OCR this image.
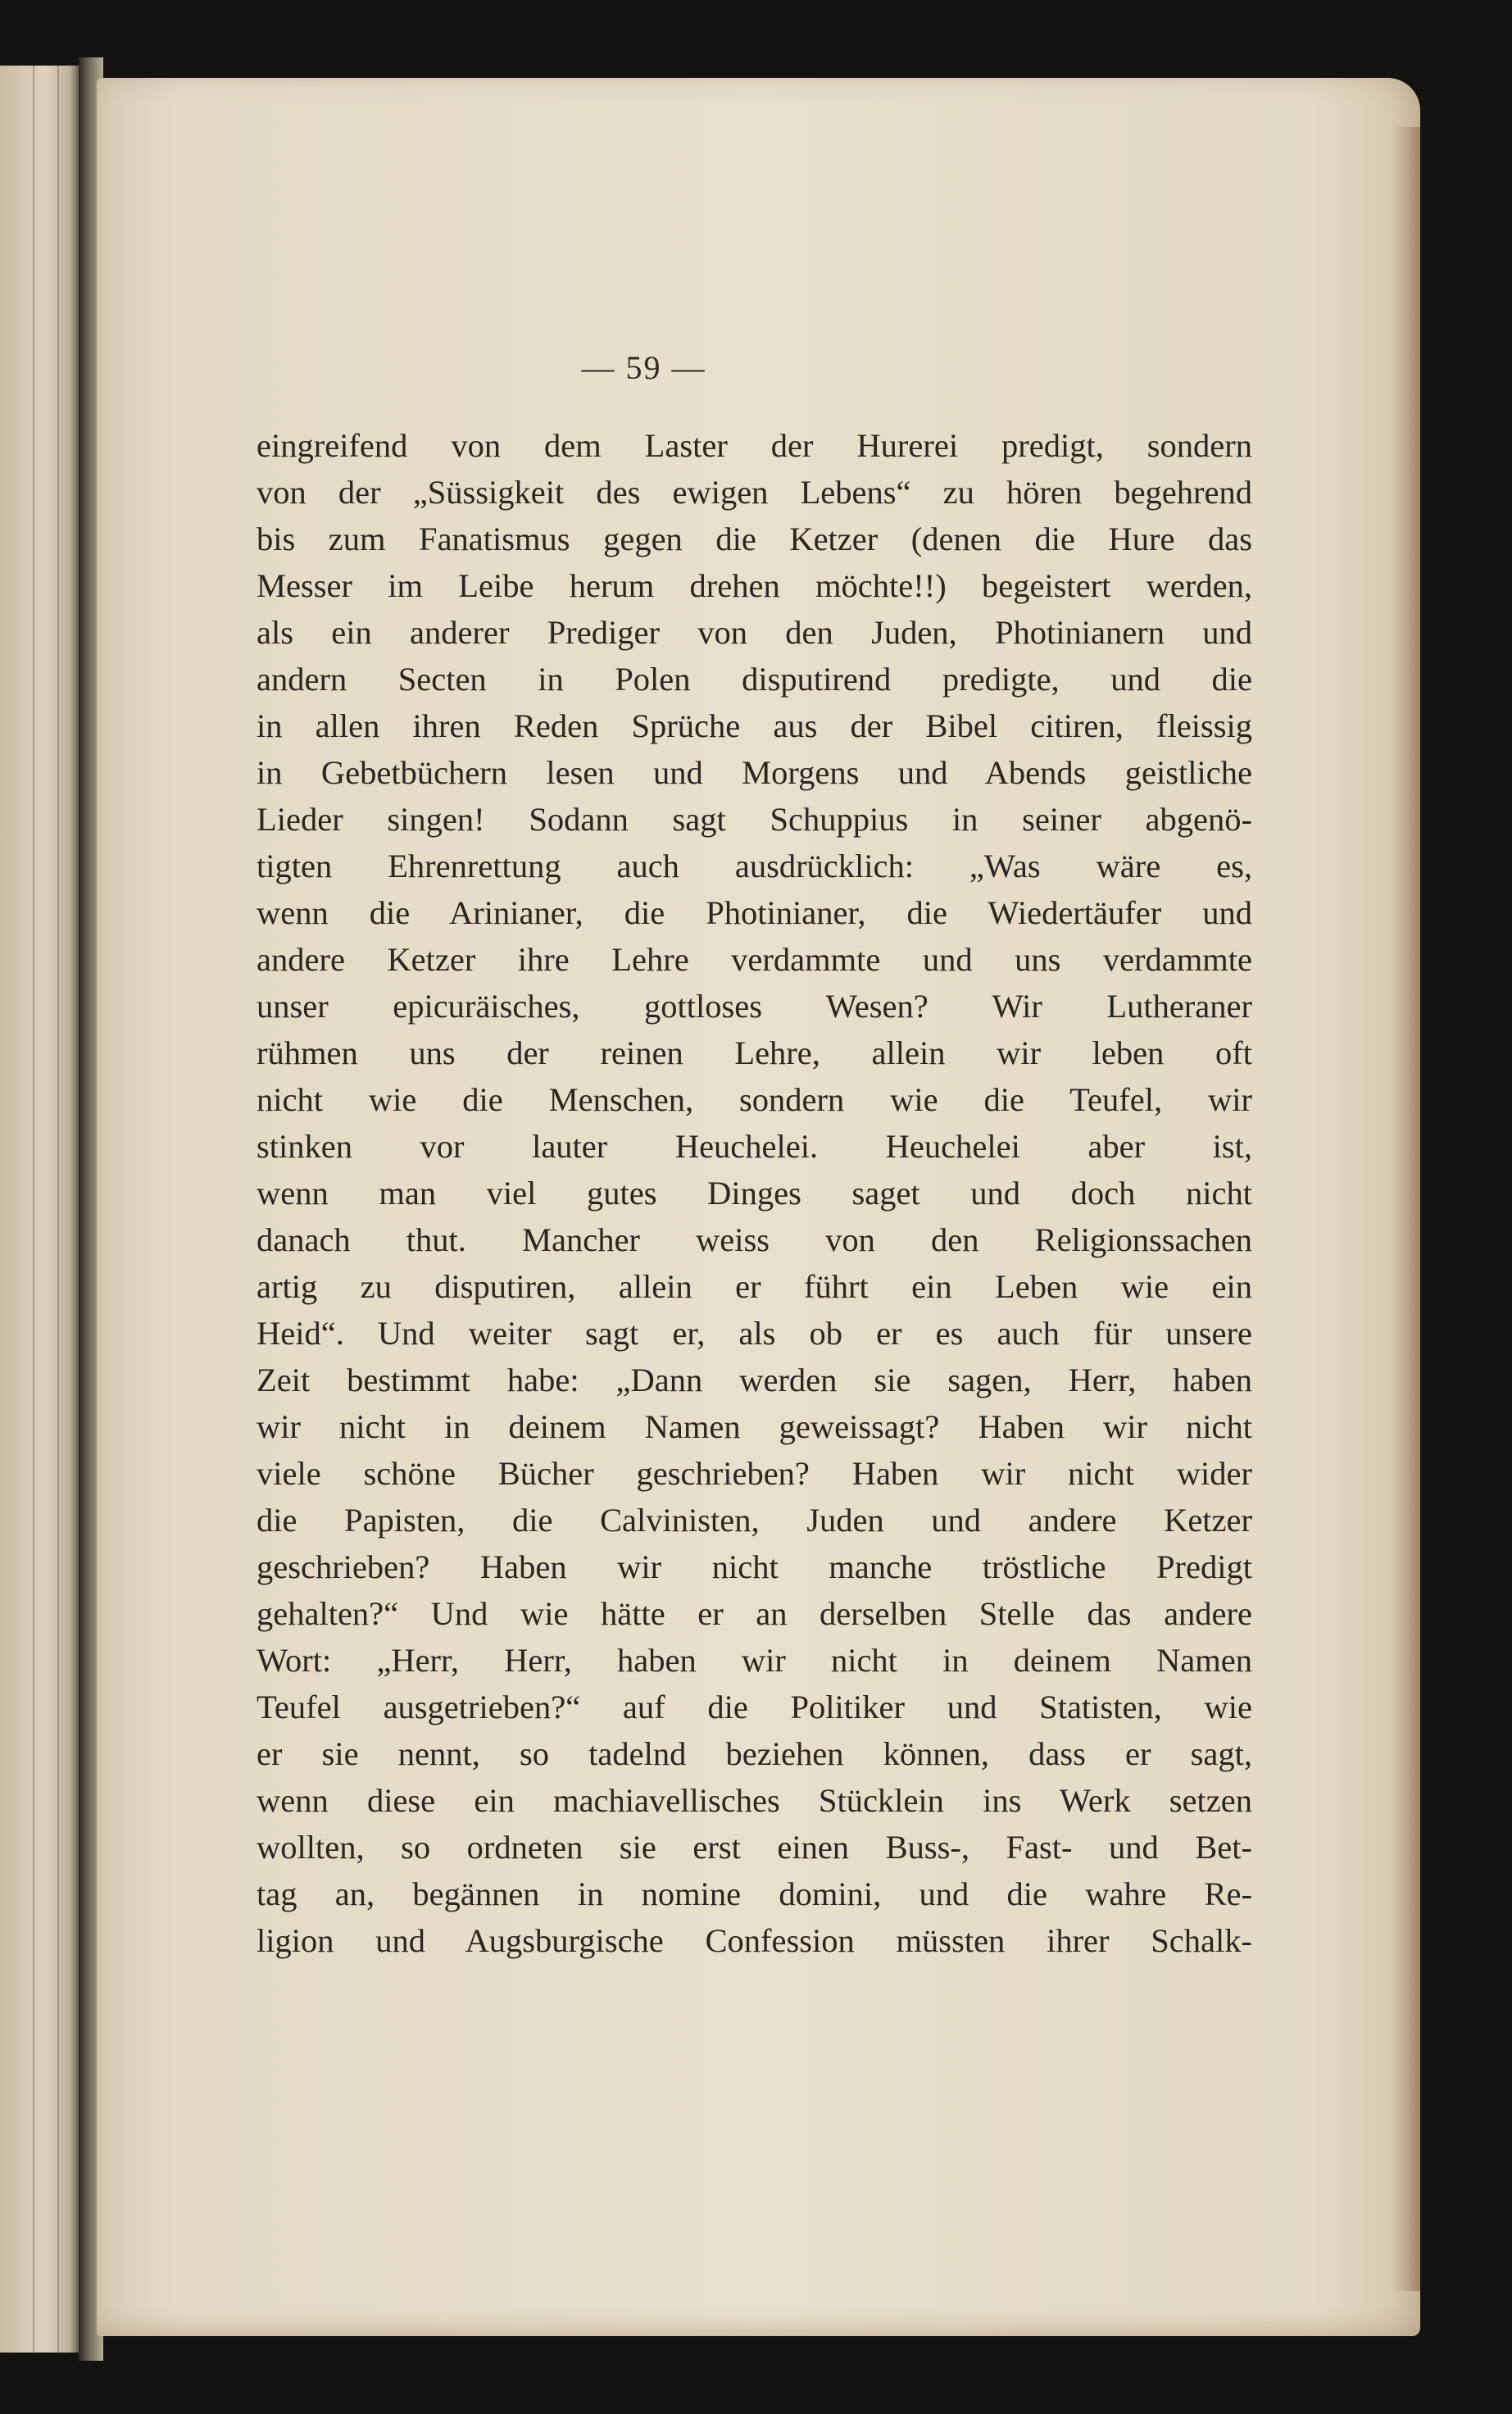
— 59 —
eingreifend von dem Laster der Hurerei predigt, sondern
von der „Süssigkeit des ewigen Lebens“ zu hören begehrend
bis zum Fanatismus gegen die Ketzer (denen die Hure das
Messer im Leibe herum drehen möchte!!) begeistert werden,
als ein anderer Prediger von den Juden, Photinianern und
andern Secten in Polen disputirend predigte, und die
in allen ihren Reden Sprüche aus der Bibel citiren, fleissig
in Gebetbüchern lesen und Morgens und Abends geistliche
Lieder singen! Sodann sagt Schuppius in seiner abgenö-
tigten Ehrenrettung auch ausdrücklich: „Was wäre es,
wenn die Arinianer, die Photinianer, die Wiedertäufer und
andere Ketzer ihre Lehre verdammte und uns verdammte
unser epicuräisches, gottloses Wesen? Wir Lutheraner
rühmen uns der reinen Lehre, allein wir leben oft
nicht wie die Menschen, sondern wie die Teufel, wir
stinken vor lauter Heuchelei. Heuchelei aber ist,
wenn man viel gutes Dinges saget und doch nicht
danach thut. Mancher weiss von den Religionssachen
artig zu disputiren, allein er führt ein Leben wie ein
Heid“. Und weiter sagt er, als ob er es auch für unsere
Zeit bestimmt habe: „Dann werden sie sagen, Herr, haben
wir nicht in deinem Namen geweissagt? Haben wir nicht
viele schöne Bücher geschrieben? Haben wir nicht wider
die Papisten, die Calvinisten, Juden und andere Ketzer
geschrieben? Haben wir nicht manche tröstliche Predigt
gehalten?“ Und wie hätte er an derselben Stelle das andere
Wort: „Herr, Herr, haben wir nicht in deinem Namen
Teufel ausgetrieben?“ auf die Politiker und Statisten, wie
er sie nennt, so tadelnd beziehen können, dass er sagt,
wenn diese ein machiavellisches Stücklein ins Werk setzen
wollten, so ordneten sie erst einen Buss-, Fast- und Bet-
tag an, begännen in nomine domini, und die wahre Re-
ligion und Augsburgische Confession müssten ihrer Schalk-
